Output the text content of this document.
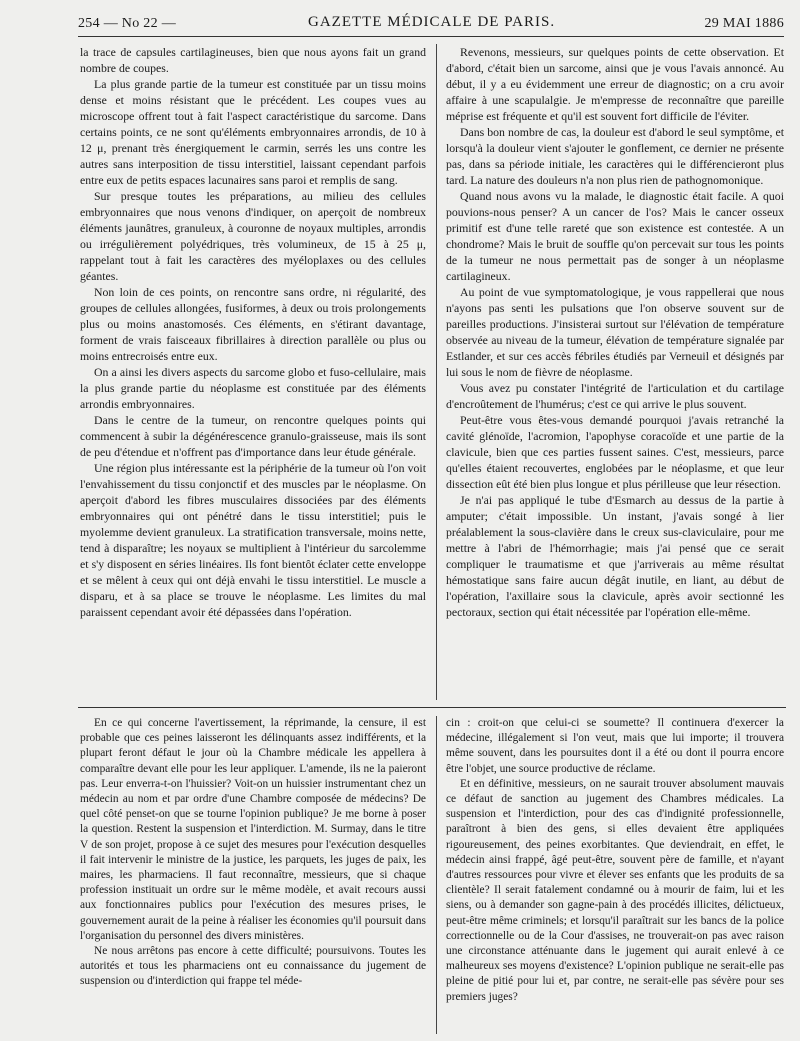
254 — No 22 —	GAZETTE MÉDICALE DE PARIS.	29 MAI 1886

la trace de capsules cartilagineuses, bien que nous ayons fait un grand nombre de coupes.

La plus grande partie de la tumeur est constituée par un tissu moins dense et moins résistant que le précédent. Les coupes vues au microscope offrent tout à fait l'aspect caractéristique du sarcome. Dans certains points, ce ne sont qu'éléments embryonnaires arrondis, de 10 à 12 μ, prenant très énergiquement le carmin, serrés les uns contre les autres sans interposition de tissu interstitiel, laissant cependant parfois entre eux de petits espaces lacunaires sans paroi et remplis de sang.

Sur presque toutes les préparations, au milieu des cellules embryonnaires que nous venons d'indiquer, on aperçoit de nombreux éléments jaunâtres, granuleux, à couronne de noyaux multiples, arrondis ou irrégulièrement polyédriques, très volumineux, de 15 à 25 μ, rappelant tout à fait les caractères des myéloplaxes ou des cellules géantes.

Non loin de ces points, on rencontre sans ordre, ni régularité, des groupes de cellules allongées, fusiformes, à deux ou trois prolongements plus ou moins anastomosés. Ces éléments, en s'étirant davantage, forment de vrais faisceaux fibrillaires à direction parallèle ou plus ou moins entrecroisés entre eux.

On a ainsi les divers aspects du sarcome globo et fuso-cellulaire, mais la plus grande partie du néoplasme est constituée par des éléments arrondis embryonnaires.

Dans le centre de la tumeur, on rencontre quelques points qui commencent à subir la dégénérescence granulo-graisseuse, mais ils sont de peu d'étendue et n'offrent pas d'importance dans leur étude générale.

Une région plus intéressante est la périphérie de la tumeur où l'on voit l'envahissement du tissu conjonctif et des muscles par le néoplasme. On aperçoit d'abord les fibres musculaires dissociées par des éléments embryonnaires qui ont pénétré dans le tissu interstitiel; puis le myolemme devient granuleux. La stratification transversale, moins nette, tend à disparaître; les noyaux se multiplient à l'intérieur du sarcolemme et s'y disposent en séries linéaires. Ils font bientôt éclater cette enveloppe et se mêlent à ceux qui ont déjà envahi le tissu interstitiel. Le muscle a disparu, et à sa place se trouve le néoplasme. Les limites du mal paraissent cependant avoir été dépassées dans l'opération.

Revenons, messieurs, sur quelques points de cette observation. Et d'abord, c'était bien un sarcome, ainsi que je vous l'avais annoncé. Au début, il y a eu évidemment une erreur de diagnostic; on a cru avoir affaire à une scapulalgie. Je m'empresse de reconnaître que pareille méprise est fréquente et qu'il est souvent fort difficile de l'éviter.

Dans bon nombre de cas, la douleur est d'abord le seul symptôme, et lorsqu'à la douleur vient s'ajouter le gonflement, ce dernier ne présente pas, dans sa période initiale, les caractères qui le différencieront plus tard. La nature des douleurs n'a non plus rien de pathognomonique.

Quand nous avons vu la malade, le diagnostic était facile. A quoi pouvions-nous penser? A un cancer de l'os? Mais le cancer osseux primitif est d'une telle rareté que son existence est contestée. A un chondrome? Mais le bruit de souffle qu'on percevait sur tous les points de la tumeur ne nous permettait pas de songer à un néoplasme cartilagineux.

Au point de vue symptomatologique, je vous rappellerai que nous n'ayons pas senti les pulsations que l'on observe souvent sur de pareilles productions. J'insisterai surtout sur l'élévation de température observée au niveau de la tumeur, élévation de température signalée par Estlander, et sur ces accès fébriles étudiés par Verneuil et désignés par lui sous le nom de fièvre de néoplasme.

Vous avez pu constater l'intégrité de l'articulation et du cartilage d'encroûtement de l'humérus; c'est ce qui arrive le plus souvent.

Peut-être vous êtes-vous demandé pourquoi j'avais retranché la cavité glénoïde, l'acromion, l'apophyse coracoïde et une partie de la clavicule, bien que ces parties fussent saines. C'est, messieurs, parce qu'elles étaient recouvertes, englobées par le néoplasme, et que leur dissection eût été bien plus longue et plus périlleuse que leur résection.

Je n'ai pas appliqué le tube d'Esmarch au dessus de la partie à amputer; c'était impossible. Un instant, j'avais songé à lier préalablement la sous-clavière dans le creux sus-claviculaire, pour me mettre à l'abri de l'hémorrhagie; mais j'ai pensé que ce serait compliquer le traumatisme et que j'arriverais au même résultat hémostatique sans faire aucun dégât inutile, en liant, au début de l'opération, l'axillaire sous la clavicule, après avoir sectionné les pectoraux, section qui était nécessitée par l'opération elle-même.

En ce qui concerne l'avertissement, la réprimande, la censure, il est probable que ces peines laisseront les délinquants assez indifférents, et la plupart feront défaut le jour où la Chambre médicale les appellera à comparaître devant elle pour les leur appliquer. L'amende, ils ne la paieront pas. Leur enverra-t-on l'huissier? Voit-on un huissier instrumentant chez un médecin au nom et par ordre d'une Chambre composée de médecins? De quel côté penset-on que se tourne l'opinion publique? Je me borne à poser la question. Restent la suspension et l'interdiction. M. Surmay, dans le titre V de son projet, propose à ce sujet des mesures pour l'exécution desquelles il fait intervenir le ministre de la justice, les parquets, les juges de paix, les maires, les pharmaciens. Il faut reconnaître, messieurs, que si chaque profession instituait un ordre sur le même modèle, et avait recours aussi aux fonctionnaires publics pour l'exécution des mesures prises, le gouvernement aurait de la peine à réaliser les économies qu'il poursuit dans l'organisation du personnel des divers ministères.

Ne nous arrêtons pas encore à cette difficulté; poursuivons. Toutes les autorités et tous les pharmaciens ont eu connaissance du jugement de suspension ou d'interdiction qui frappe tel méde-

cin : croit-on que celui-ci se soumette? Il continuera d'exercer la médecine, illégalement si l'on veut, mais que lui importe; il trouvera même souvent, dans les poursuites dont il a été ou dont il pourra encore être l'objet, une source productive de réclame.

Et en définitive, messieurs, on ne saurait trouver absolument mauvais ce défaut de sanction au jugement des Chambres médicales. La suspension et l'interdiction, pour des cas d'indignité professionnelle, paraîtront à bien des gens, si elles devaient être appliquées rigoureusement, des peines exorbitantes. Que deviendrait, en effet, le médecin ainsi frappé, âgé peut-être, souvent père de famille, et n'ayant d'autres ressources pour vivre et élever ses enfants que les produits de sa clientèle? Il serait fatalement condamné ou à mourir de faim, lui et les siens, ou à demander son gagne-pain à des procédés illicites, délictueux, peut-être même criminels; et lorsqu'il paraîtrait sur les bancs de la police correctionnelle ou de la Cour d'assises, ne trouverait-on pas avec raison une circonstance atténuante dans le jugement qui aurait enlevé à ce malheureux ses moyens d'existence? L'opinion publique ne serait-elle pas pleine de pitié pour lui et, par contre, ne serait-elle pas sévère pour ses premiers juges?
